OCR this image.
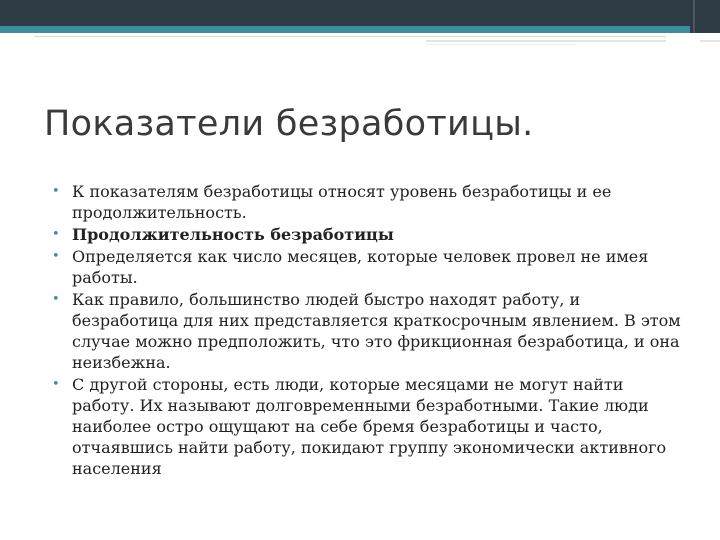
Показатели безработицы.
• К показателям безработицы относят уровень безработицы и ее продолжительность.
• Продолжительность безработицы
• Определяется как число месяцев, которые человек провел не имея работы.
• Как правило, большинство людей быстро находят работу, и безработица для них представляется краткосрочным явлением. В этом случае можно предположить, что это фрикционная безработица, и она неизбежна.
• С другой стороны, есть люди, которые месяцами не могут найти работу. Их называют долговременными безработными. Такие люди наиболее остро ощущают на себе бремя безработицы и часто, отчаявшись найти работу, покидают группу экономически активного населения
